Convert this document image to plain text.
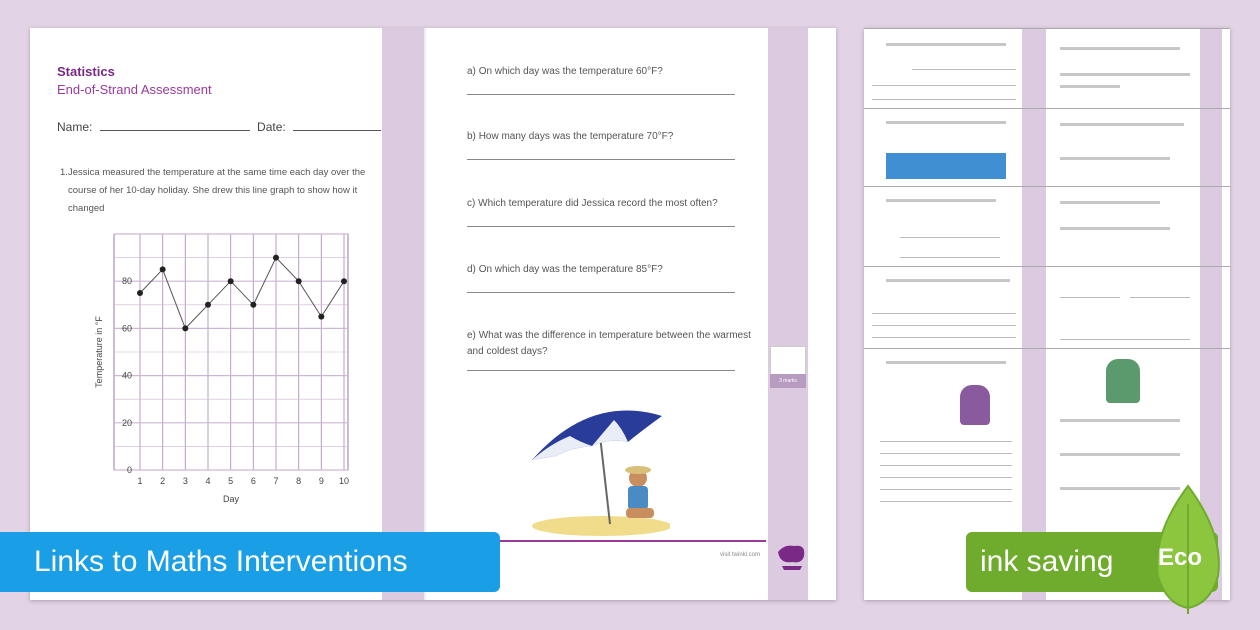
Statistics
End-of-Strand Assessment
Name:	Date:
1. Jessica measured the temperature at the same time each day over the course of her 10-day holiday. She drew this line graph to show how it changed
1 2 3 4 5 6 7 8 9 10
0
20
40
60
80
Day
Temperature in °F
a) On which day was the temperature 60°F?
b) How many days was the temperature 70°F?
c) Which temperature did Jessica record the most often?
d) On which day was the temperature 85°F?
e) What was the difference in temperature between the warmest and coldest days?
3 marks
visit twinkl.com
Links to Maths Interventions	ink saving	Eco
